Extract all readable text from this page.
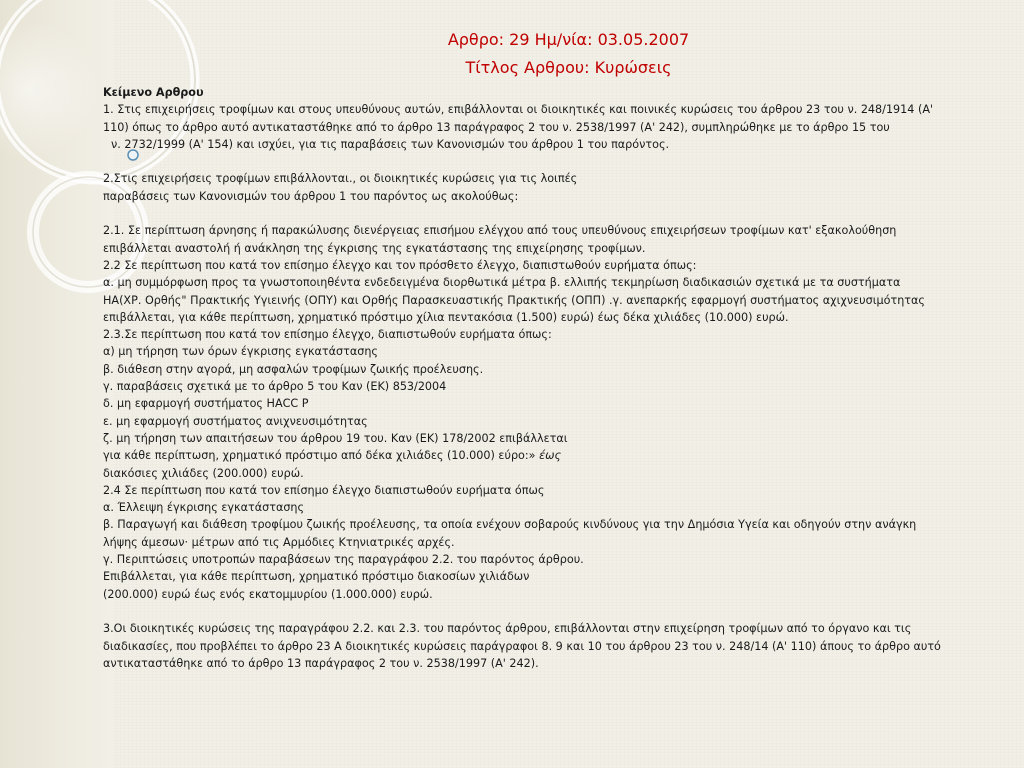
Αρθρο: 29 Ημ/νία: 03.05.2007
Τίτλος Αρθρου: Κυρώσεις
Κείμενο Αρθρου
1. Στις επιχειρήσεις τροφίμων και στους υπευθύνους αυτών, επιβάλλονται οι διοικητικές και ποινικές κυρώσεις του άρθρου 23 του ν. 248/1914 (Α'
110) όπως το άρθρο αυτό αντικαταστάθηκε από το άρθρο 13 παράγραφος 2 του ν. 2538/1997 (Α' 242), συμπληρώθηκε με το άρθρο 15 του
ν. 2732/1999 (Α' 154) και ισχύει, για τις παραβάσεις των Κανονισμών του άρθρου 1 του παρόντος.
2.Στις επιχειρήσεις τροφίμων επιβάλλονται., οι διοικητικές κυρώσεις για τις λοιπές
παραβάσεις των Κανονισμών του άρθρου 1 του παρόντος ως ακολούθως:
2.1. Σε περίπτωση άρνησης ή παρακώλυσης διενέργειας επισήμου ελέγχου από τους υπευθύνους επιχειρήσεων τροφίμων κατ' εξακολούθηση
επιβάλλεται αναστολή ή ανάκληση της έγκρισης της εγκατάστασης της επιχείρησης τροφίμων.
2.2 Σε περίπτωση που κατά τον επίσημο έλεγχο και τον πρόσθετο έλεγχο, διαπιστωθούν ευρήματα όπως:
α. μη συμμόρφωση προς τα γνωστοποιηθέντα ενδεδειγμένα διορθωτικά μέτρα β. ελλιπής τεκμηρίωση διαδικασιών σχετικά με τα συστήματα
ΗΑ(ΧΡ. Ορθής" Πρακτικής Υγιεινής (ΟΠΥ) και Ορθής Παρασκευαστικής Πρακτικής (ΟΠΠ) .γ. ανεπαρκής εφαρμογή συστήματος αχιχνευσιμότητας
επιβάλλεται, για κάθε περίπτωση, χρηματικό πρόστιμο χίλια πεντακόσια (1.500) ευρώ) έως δέκα χιλιάδες (10.000) ευρώ.
2.3.Σε περίπτωση που κατά τον επίσημο έλεγχο, διαπιστωθούν ευρήματα όπως:
α) μη τήρηση των όρων έγκρισης εγκατάστασης
β. διάθεση στην αγορά, μη ασφαλών τροφίμων ζωικής προέλευσης.
γ. παραβάσεις σχετικά με το άρθρο 5 του Καν (ΕΚ) 853/2004
δ. μη εφαρμογή συστήματος ΗΑCC P
ε. μη εφαρμογή συστήματος ανιχνευσιμότητας
ζ. μη τήρηση των απαιτήσεων του άρθρου 19 του. Καν (ΕΚ) 178/2002 επιβάλλεται
για κάθε περίπτωση, χρηματικό πρόστιμο από δέκα χιλιάδες (10.000) εύρο:» έως
διακόσιες χιλιάδες (200.000) ευρώ.
2.4 Σε περίπτωση που κατά τον επίσημο έλεγχο διαπιστωθούν ευρήματα όπως
α. Έλλειψη έγκρισης εγκατάστασης
β. Παραγωγή και διάθεση τροφίμου ζωικής προέλευσης, τα οποία ενέχουν σοβαρούς κινδύνους για την Δημόσια Υγεία και οδηγούν στην ανάγκη
λήψης άμεσων· μέτρων από τις Αρμόδιες Κτηνιατρικές αρχές.
γ. Περιπτώσεις υποτροπών παραβάσεων της παραγράφου 2.2. του παρόντος άρθρου.
Επιβάλλεται, για κάθε περίπτωση, χρηματικό πρόστιμο διακοσίων χιλιάδων
(200.000) ευρώ έως ενός εκατομμυρίου (1.000.000) ευρώ.
3.Οι διοικητικές κυρώσεις της παραγράφου 2.2. και 2.3. του παρόντος άρθρου, επιβάλλονται στην επιχείρηση τροφίμων από το όργανο και τις
διαδικασίες, που προβλέπει το άρθρο 23 Α διοικητικές κυρώσεις παράγραφοι 8. 9 και 10 του άρθρου 23 του ν. 248/14 (Α' 110) άπους το άρθρο αυτό
αντικαταστάθηκε από το άρθρο 13 παράγραφος 2 του ν. 2538/1997 (Α' 242).
